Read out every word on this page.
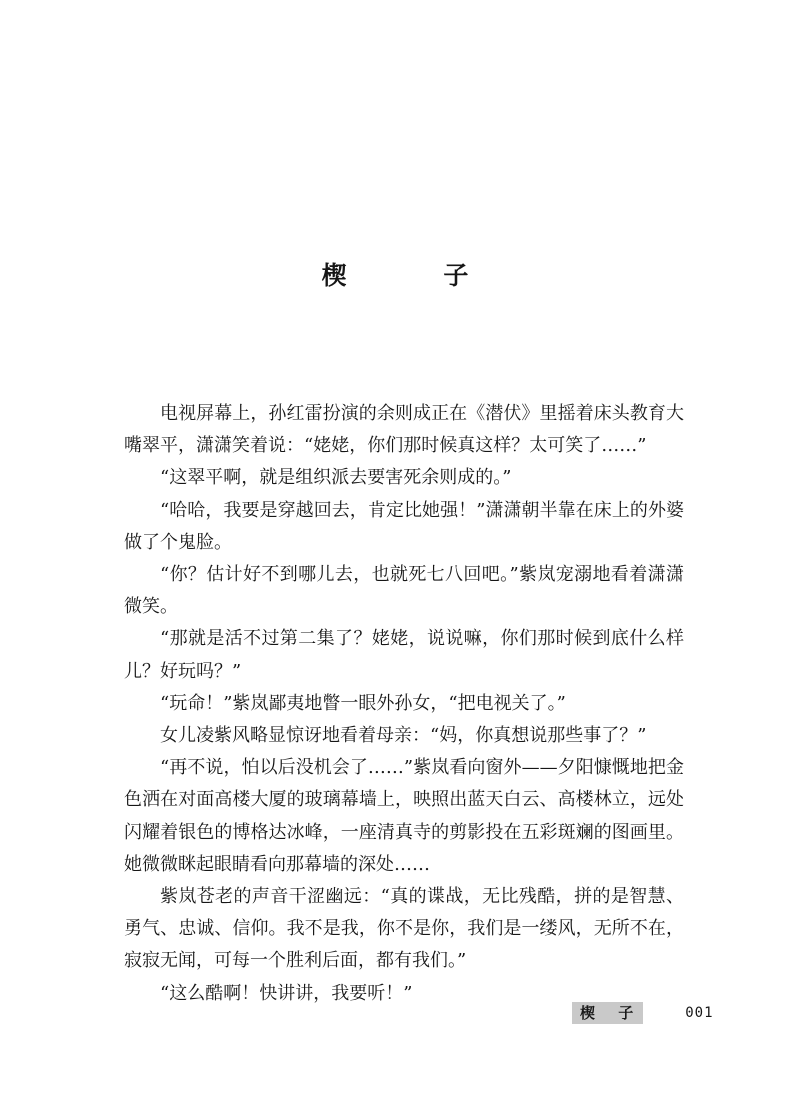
楔 子

电视屏幕上，孙红雷扮演的余则成正在《潜伏》里摇着床头教育大嘴翠平，潇潇笑着说：“姥姥，你们那时候真这样？太可笑了……”

“这翠平啊，就是组织派去要害死余则成的。”

“哈哈，我要是穿越回去，肯定比她强！”潇潇朝半靠在床上的外婆做了个鬼脸。

“你？估计好不到哪儿去，也就死七八回吧。”紫岚宠溺地看着潇潇微笑。

“那就是活不过第二集了？姥姥，说说嘛，你们那时候到底什么样儿？好玩吗？”

“玩命！”紫岚鄙夷地瞥一眼外孙女，“把电视关了。”

女儿凌紫风略显惊讶地看着母亲：“妈，你真想说那些事了？”

“再不说，怕以后没机会了……”紫岚看向窗外——夕阳慷慨地把金色洒在对面高楼大厦的玻璃幕墙上，映照出蓝天白云、高楼林立，远处闪耀着银色的博格达冰峰，一座清真寺的剪影投在五彩斑斓的图画里。她微微眯起眼睛看向那幕墙的深处……

紫岚苍老的声音干涩幽远：“真的谍战，无比残酷，拼的是智慧、勇气、忠诚、信仰。我不是我，你不是你，我们是一缕风，无所不在，寂寂无闻，可每一个胜利后面，都有我们。”

“这么酷啊！快讲讲，我要听！”

楔 子	001
